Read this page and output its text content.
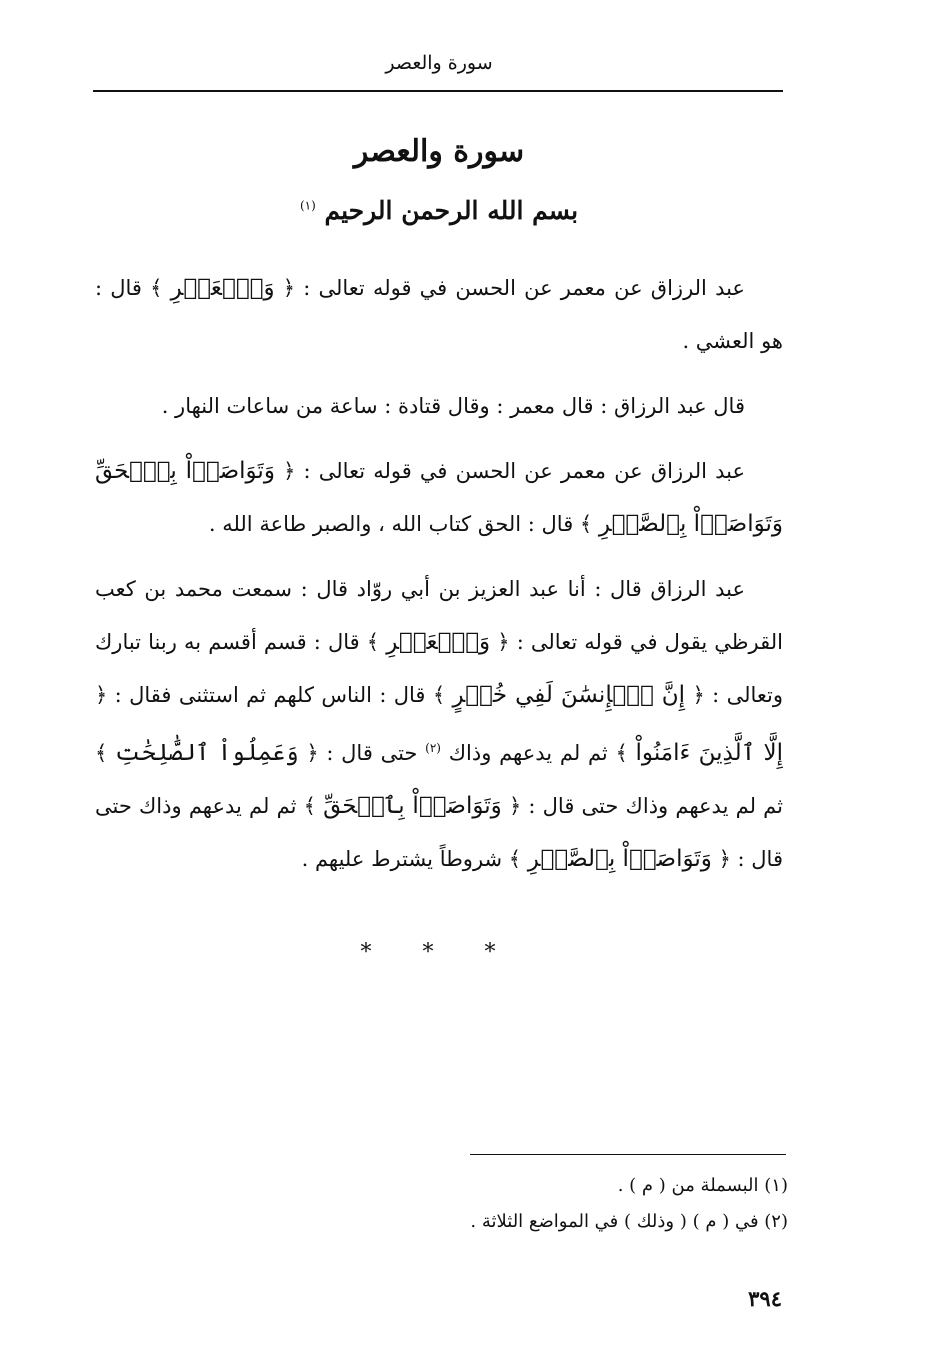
سورة والعصر
سورة والعصر
بسم الله الرحمن الرحيم $^{(١)}$

عبد الرزاق عن معمر عن الحسن في قوله تعالى : ﴿ وَٱلۡعَصۡرِ ﴾ قال : هو العشي .

قال عبد الرزاق : قال معمر : وقال قتادة : ساعة من ساعات النهار .

عبد الرزاق عن معمر عن الحسن في قوله تعالى : ﴿ وَتَوَاصَوۡاْ بِٱلۡحَقِّ وَتَوَاصَوۡاْ بِٱلصَّبۡرِ ﴾ قال : الحق كتاب الله ، والصبر طاعة الله .

عبد الرزاق قال : أنا عبد العزيز بن أبي روّاد قال : سمعت محمد بن كعب القرظي يقول في قوله تعالى : ﴿ وَٱلۡعَصۡرِ ﴾ قال : قسم أقسم به ربنا تبارك وتعالى : ﴿ إِنَّ ٱلۡإِنسَٰنَ لَفِي خُسۡرٍ ﴾ قال : الناس كلهم ثم استثنى فقال : ﴿ إِلَّا ٱلَّذِينَ ءَامَنُواْ ﴾ ثم لم يدعهم وذاك $^{(٢)}$ حتى قال : ﴿ وَعَمِلُواْ ٱلصَّٰلِحَٰتِ ﴾ ثم لم يدعهم وذاك حتى قال : ﴿ وَتَوَاصَوۡاْ بِٱلۡحَقِّ ﴾ ثم لم يدعهم وذاك حتى قال : ﴿ وَتَوَاصَوۡاْ بِٱلصَّبۡرِ ﴾ شروطاً يشترط عليهم .

* * *

(١) البسملة من ( م ) .

(٢) في ( م ) ( وذلك ) في المواضع الثلاثة .

٣٩٤
